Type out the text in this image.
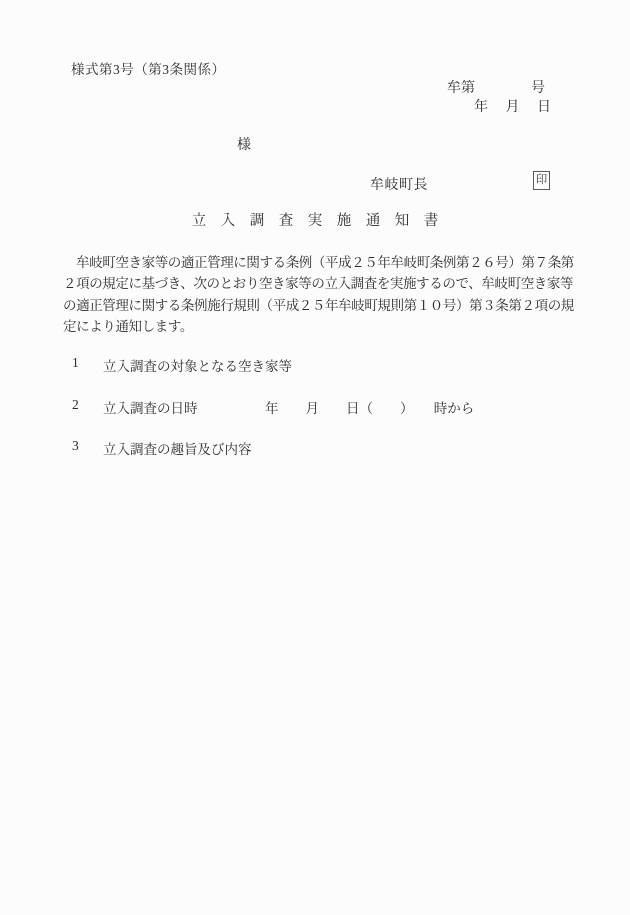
様式第3号（第3条関係）
牟第　　　　号
年　 月　 日
様
牟岐町長	印
立　入　調　査　実　施　通　知　書
　牟岐町空き家等の適正管理に関する条例（平成２５年牟岐町条例第２６号）第７条第
２項の規定に基づき、次のとおり空き家等の立入調査を実施するので、牟岐町空き家等
の適正管理に関する条例施行規則（平成２５年牟岐町規則第１０号）第３条第２項の規
定により通知します。
1	立入調査の対象となる空き家等
2	立入調査の日時　　　　　年　　月　　日（　　）　　時から
3	立入調査の趣旨及び内容
